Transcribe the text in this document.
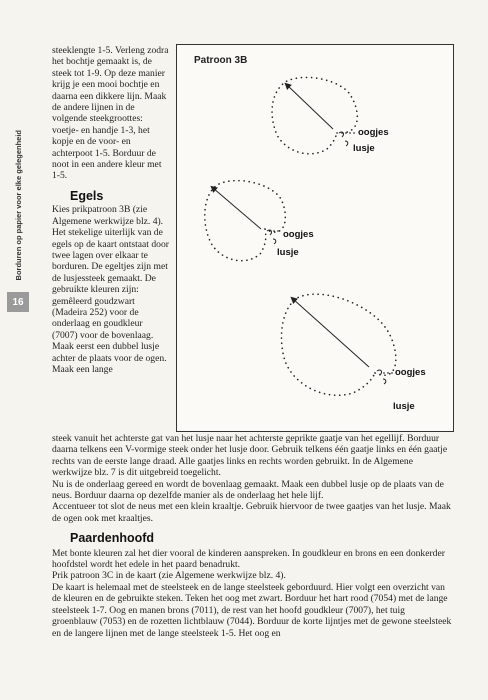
Borduren op papier voor elke gelegenheid
16

steeklengte 1-5. Verleng zodra het bochtje gemaakt is, de steek tot 1-9. Op deze manier krijg je een mooi bochtje en daarna een dikkere lijn. Maak de andere lijnen in de volgende steekgroottes: voetje- en handje 1-3, het kopje en de voor- en achterpoot 1-5. Borduur de noot in een andere kleur met 1-5.

Egels

Kies prikpatroon 3B (zie Algemene werkwijze blz. 4). Het stekelige uiterlijk van de egels op de kaart ontstaat door twee lagen over elkaar te borduren. De egeltjes zijn met de lusjessteek gemaakt. De gebruikte kleuren zijn: gemêleerd goudzwart (Madeira 252) voor de onderlaag en goudkleur (7007) voor de bovenlaag. Maak eerst een dubbel lusje achter de plaats voor de ogen. Maak een lange

Patroon 3B
oogjes
lusje
oogjes
lusje
oogjes
lusje

steek vanuit het achterste gat van het lusje naar het achterste geprikte gaatje van het egellijf. Borduur daarna telkens een V-vormige steek onder het lusje door. Gebruik telkens één gaatje links en één gaatje rechts van de eerste lange draad. Alle gaatjes links en rechts worden gebruikt. In de Algemene werkwijze blz. 7 is dit uitgebreid toegelicht.

Nu is de onderlaag gereed en wordt de bovenlaag gemaakt. Maak een dubbel lusje op de plaats van de neus. Borduur daarna op dezelfde manier als de onderlaag het hele lijf.

Accentueer tot slot de neus met een klein kraaltje. Gebruik hiervoor de twee gaatjes van het lusje. Maak de ogen ook met kraaltjes.

Paardenhoofd

Met bonte kleuren zal het dier vooral de kinderen aanspreken. In goudkleur en brons en een donkerder hoofdstel wordt het edele in het paard benadrukt.

Prik patroon 3C in de kaart (zie Algemene werkwijze blz. 4).

De kaart is helemaal met de steelsteek en de lange steelsteek geborduurd. Hier volgt een overzicht van de kleuren en de gebruikte steken. Teken het oog met zwart. Borduur het hart rood (7054) met de lange steelsteek 1-7. Oog en manen brons (7011), de rest van het hoofd goudkleur (7007), het tuig groenblauw (7053) en de rozetten lichtblauw (7044). Borduur de korte lijntjes met de gewone steelsteek en de langere lijnen met de lange steelsteek 1-5. Het oog en
